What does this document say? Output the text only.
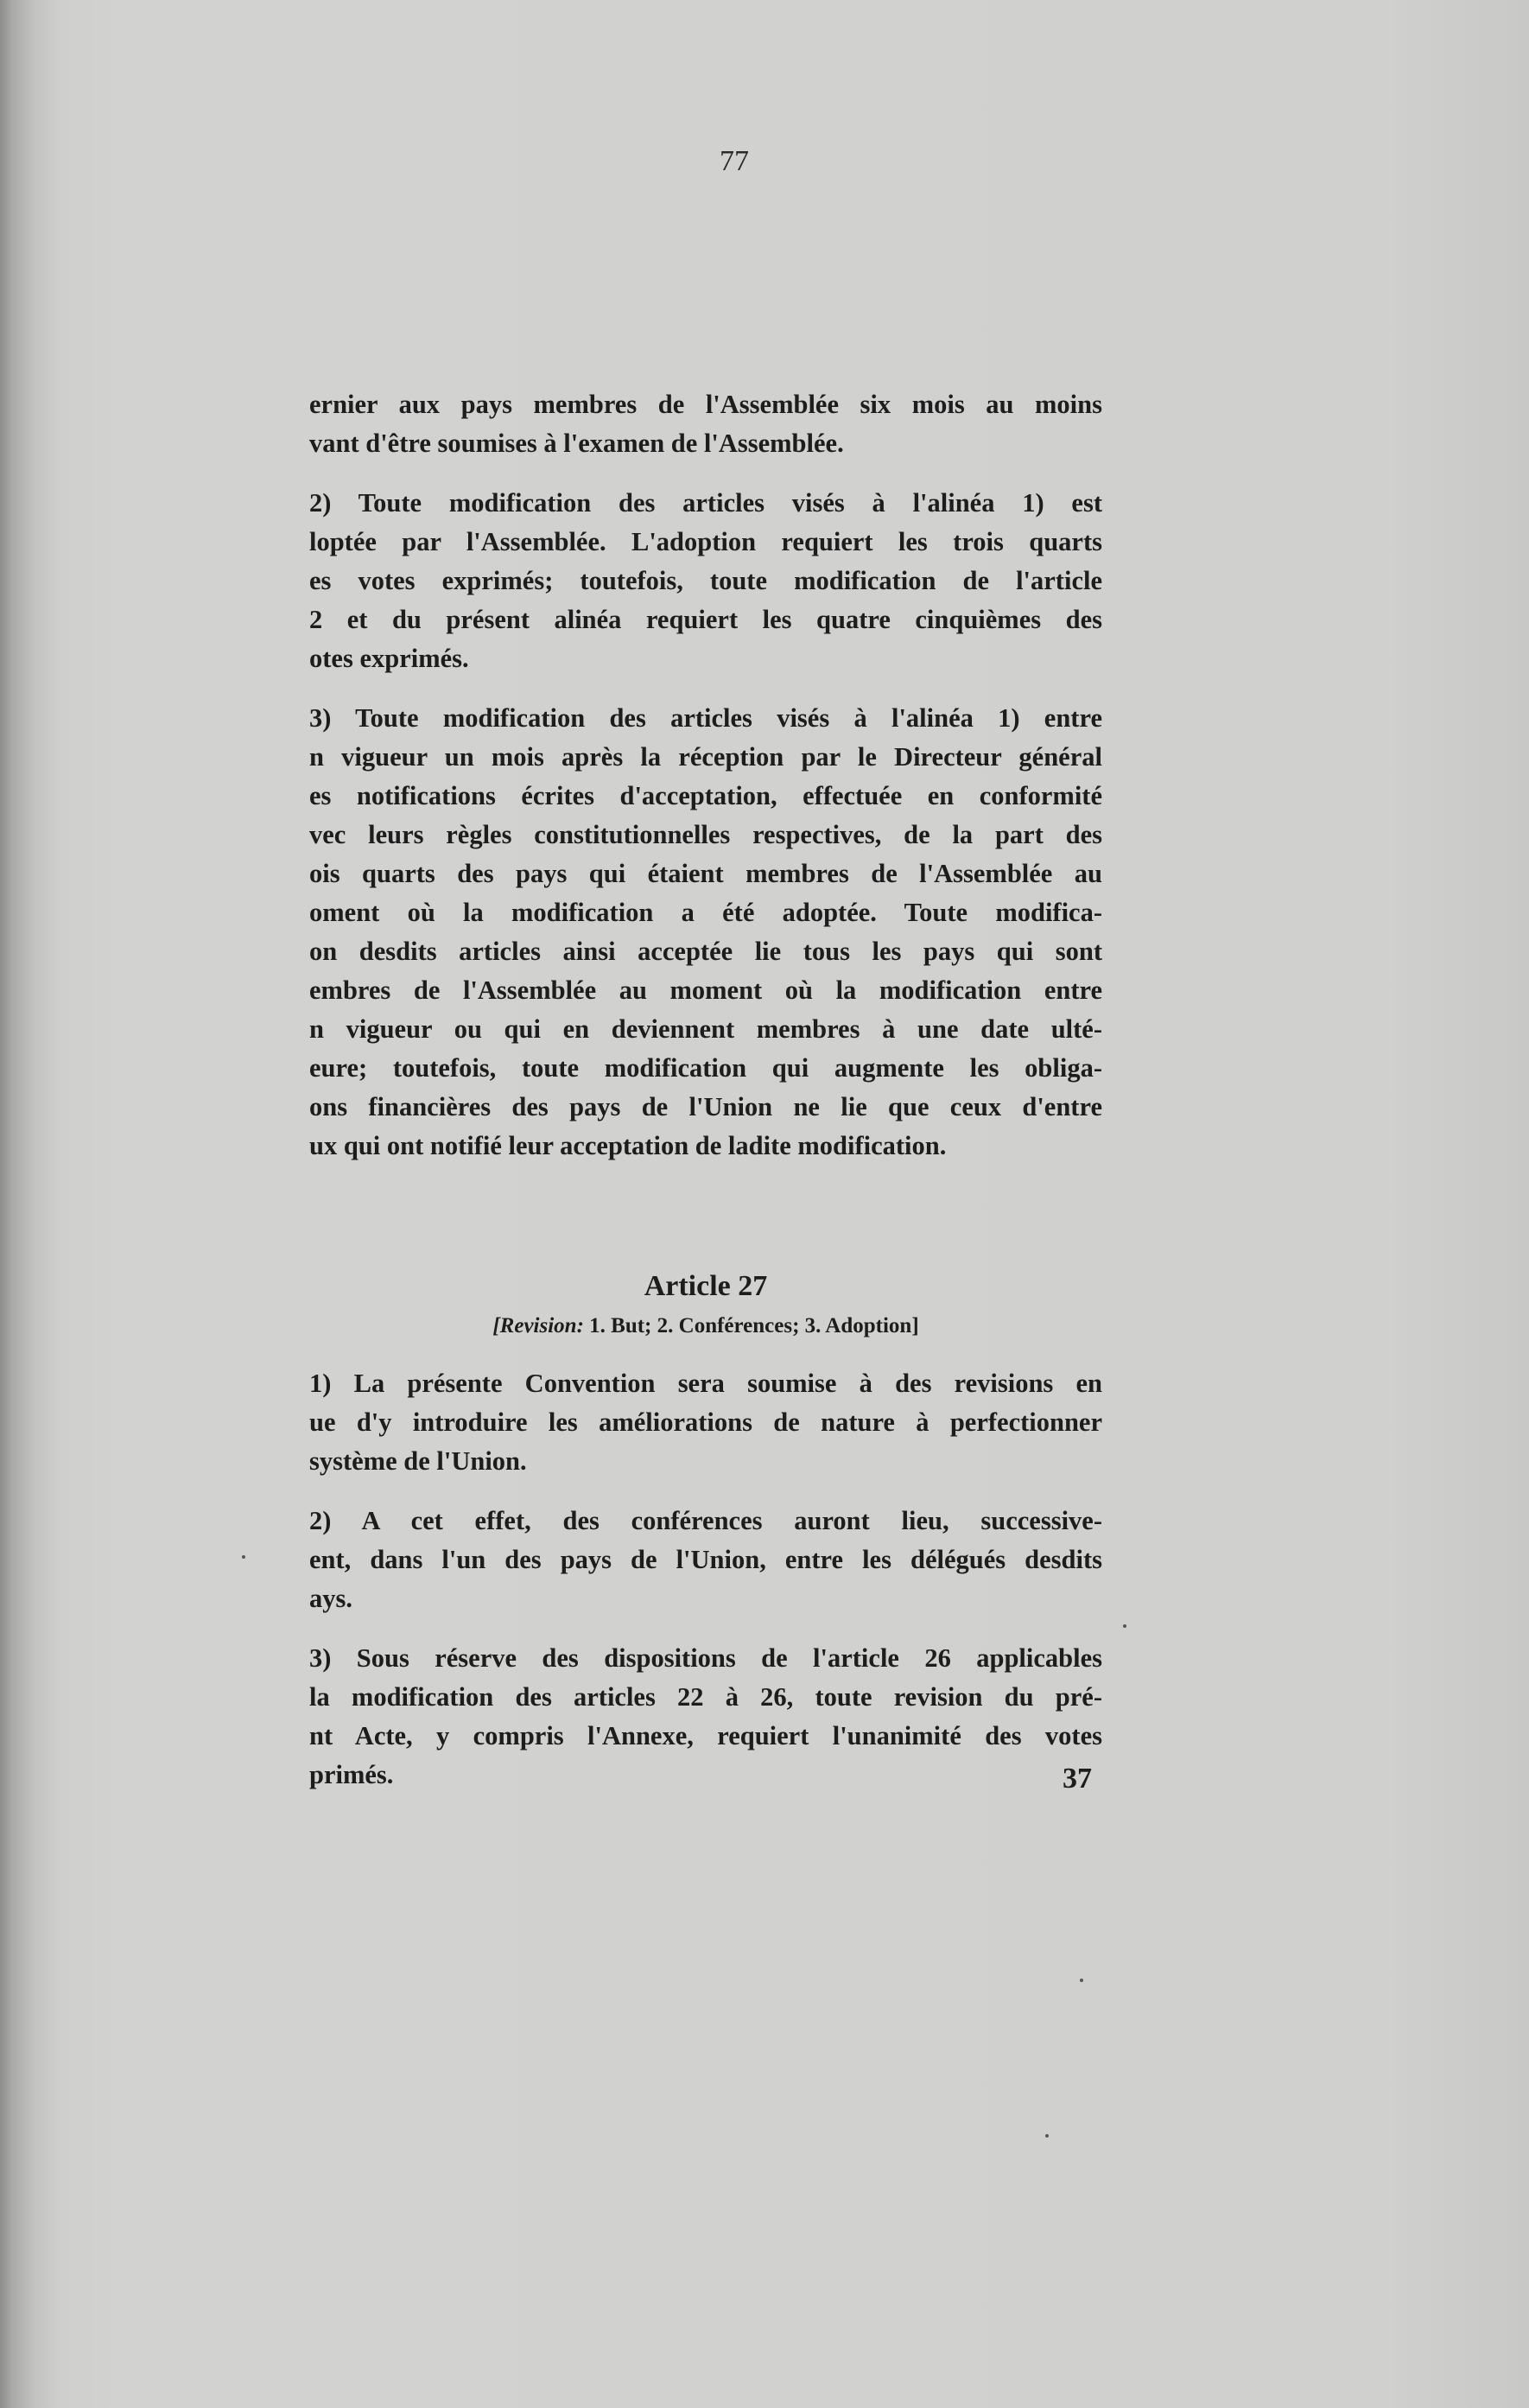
77
ernier aux pays membres de l'Assemblée six mois au moins
vant d'être soumises à l'examen de l'Assemblée.
2) Toute modification des articles visés à l'alinéa 1) est
loptée par l'Assemblée. L'adoption requiert les trois quarts
es votes exprimés; toutefois, toute modification de l'article
2 et du présent alinéa requiert les quatre cinquièmes des
otes exprimés.
3) Toute modification des articles visés à l'alinéa 1) entre
n vigueur un mois après la réception par le Directeur général
es notifications écrites d'acceptation, effectuée en conformité
vec leurs règles constitutionnelles respectives, de la part des
ois quarts des pays qui étaient membres de l'Assemblée au
oment où la modification a été adoptée. Toute modifica-
on desdits articles ainsi acceptée lie tous les pays qui sont
embres de l'Assemblée au moment où la modification entre
n vigueur ou qui en deviennent membres à une date ulté-
eure; toutefois, toute modification qui augmente les obliga-
ons financières des pays de l'Union ne lie que ceux d'entre
ux qui ont notifié leur acceptation de ladite modification.
Article 27
[Revision: 1. But; 2. Conférences; 3. Adoption]
1) La présente Convention sera soumise à des revisions en
ue d'y introduire les améliorations de nature à perfectionner
système de l'Union.
2) A cet effet, des conférences auront lieu, successive-
ent, dans l'un des pays de l'Union, entre les délégués desdits
ays.
3) Sous réserve des dispositions de l'article 26 applicables
la modification des articles 22 à 26, toute revision du pré-
nt Acte, y compris l'Annexe, requiert l'unanimité des votes
primés.	37
